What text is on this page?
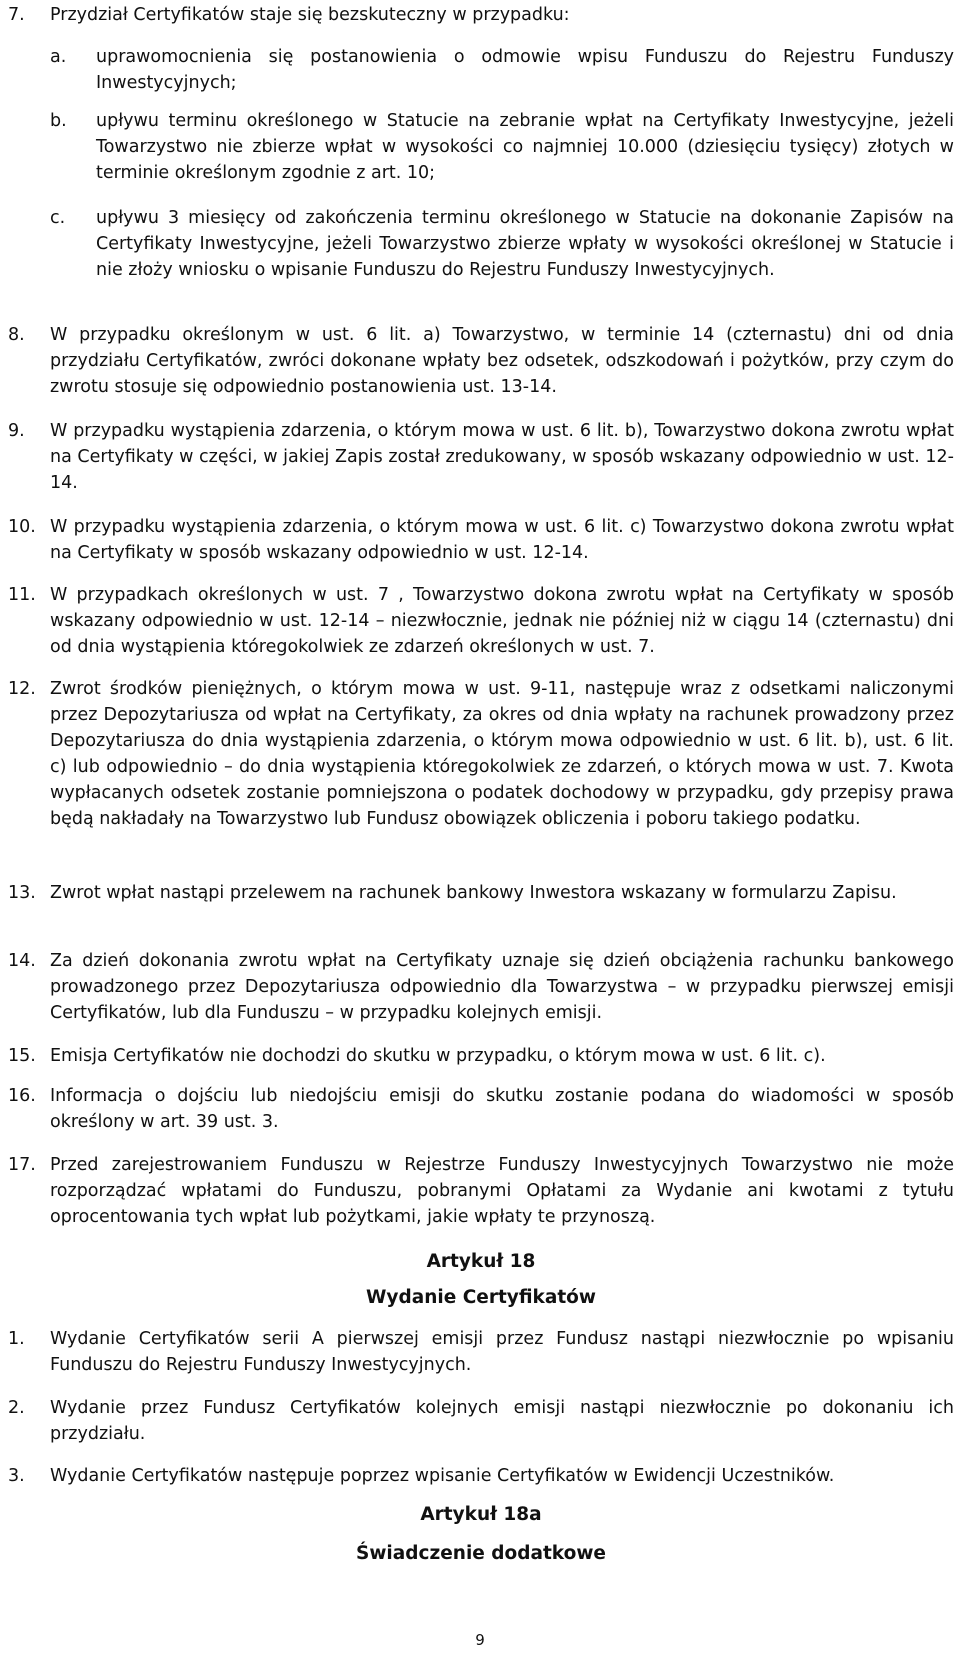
7.	Przydział Certyfikatów staje się bezskuteczny w przypadku:
a.	uprawomocnienia się postanowienia o odmowie wpisu Funduszu do Rejestru Funduszy Inwestycyjnych;
b.	upływu terminu określonego w Statucie na zebranie wpłat na Certyfikaty Inwestycyjne, jeżeli Towarzystwo nie zbierze wpłat w wysokości co najmniej 10.000 (dziesięciu tysięcy) złotych w terminie określonym zgodnie z art. 10;
c.	upływu 3 miesięcy od zakończenia terminu określonego w Statucie na dokonanie Zapisów na Certyfikaty Inwestycyjne, jeżeli Towarzystwo zbierze wpłaty w wysokości określonej w Statucie i nie złoży wniosku o wpisanie Funduszu do Rejestru Funduszy Inwestycyjnych.
8.	W przypadku określonym w ust. 6 lit. a) Towarzystwo, w terminie 14 (czternastu) dni od dnia przydziału Certyfikatów, zwróci dokonane wpłaty bez odsetek, odszkodowań i pożytków, przy czym do zwrotu stosuje się odpowiednio postanowienia ust. 13-14.
9.	W przypadku wystąpienia zdarzenia, o którym mowa w ust. 6 lit. b), Towarzystwo dokona zwrotu wpłat na Certyfikaty w części, w jakiej Zapis został zredukowany, w sposób wskazany odpowiednio w ust. 12-14.
10. W przypadku wystąpienia zdarzenia, o którym mowa w ust. 6 lit. c) Towarzystwo dokona zwrotu wpłat na Certyfikaty w sposób wskazany odpowiednio w ust. 12-14.
11. W przypadkach określonych w ust. 7 , Towarzystwo dokona zwrotu wpłat na Certyfikaty w sposób wskazany odpowiednio w ust. 12-14 – niezwłocznie, jednak nie później niż w ciągu 14 (czternastu) dni od dnia wystąpienia któregokolwiek ze zdarzeń określonych w ust. 7.
12. Zwrot środków pieniężnych, o którym mowa w ust. 9-11, następuje wraz z odsetkami naliczonymi przez Depozytariusza od wpłat na Certyfikaty, za okres od dnia wpłaty na rachunek prowadzony przez Depozytariusza do dnia wystąpienia zdarzenia, o którym mowa odpowiednio w ust. 6 lit. b), ust. 6 lit. c) lub odpowiednio – do dnia wystąpienia któregokolwiek ze zdarzeń, o których mowa w ust. 7. Kwota wypłacanych odsetek zostanie pomniejszona o podatek dochodowy w przypadku, gdy przepisy prawa będą nakładały na Towarzystwo lub Fundusz obowiązek obliczenia i poboru takiego podatku.
13. Zwrot wpłat nastąpi przelewem na rachunek bankowy Inwestora wskazany w formularzu Zapisu.
14. Za dzień dokonania zwrotu wpłat na Certyfikaty uznaje się dzień obciążenia rachunku bankowego prowadzonego przez Depozytariusza odpowiednio dla Towarzystwa – w przypadku pierwszej emisji Certyfikatów, lub dla Funduszu – w przypadku kolejnych emisji.
15. Emisja Certyfikatów nie dochodzi do skutku w przypadku, o którym mowa w ust. 6 lit. c).
16. Informacja o dojściu lub niedojściu emisji do skutku zostanie podana do wiadomości w sposób określony w art. 39 ust. 3.
17. Przed zarejestrowaniem Funduszu w Rejestrze Funduszy Inwestycyjnych Towarzystwo nie może rozporządzać wpłatami do Funduszu, pobranymi Opłatami za Wydanie ani kwotami z tytułu oprocentowania tych wpłat lub pożytkami, jakie wpłaty te przynoszą.
Artykuł 18
Wydanie Certyfikatów
1.	Wydanie Certyfikatów serii A pierwszej emisji przez Fundusz nastąpi niezwłocznie po wpisaniu Funduszu do Rejestru Funduszy Inwestycyjnych.
2.	Wydanie przez Fundusz Certyfikatów kolejnych emisji nastąpi niezwłocznie po dokonaniu ich przydziału.
3.	Wydanie Certyfikatów następuje poprzez wpisanie Certyfikatów w Ewidencji Uczestników.
Artykuł 18a
Świadczenie dodatkowe
9
